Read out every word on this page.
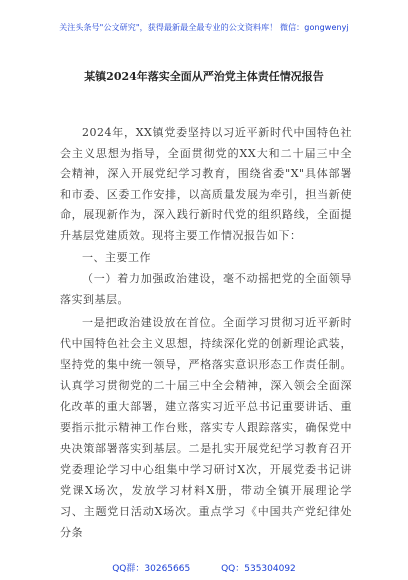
关注头条号"公文研究"，获得最新最全最专业的公文资料库！ 微信：gongwenyj
某镇2024年落实全面从严治党主体责任情况报告
2024年，XX镇党委坚持以习近平新时代中国特色社会主义思想为指导，全面贯彻党的XX大和二十届三中全会精神，深入开展党纪学习教育，围绕省委"X"具体部署和市委、区委工作安排，以高质量发展为牵引，担当新使命，展现新作为，深入践行新时代党的组织路线，全面提升基层党建质效。现将主要工作情况报告如下：
一、主要工作
（一）着力加强政治建设，毫不动摇把党的全面领导落实到基层。
一是把政治建设放在首位。全面学习贯彻习近平新时代中国特色社会主义思想，持续深化党的创新理论武装，坚持党的集中统一领导，严格落实意识形态工作责任制。认真学习贯彻党的二十届三中全会精神，深入领会全面深化改革的重大部署，建立落实习近平总书记重要讲话、重要指示批示精神工作台账，落实专人跟踪落实，确保党中央决策部署落实到基层。二是扎实开展党纪学习教育召开党委理论学习中心组集中学习研讨X次，开展党委书记讲党课X场次，发放学习材料X册，带动全镇开展理论学习、主题党日活动X场次。重点学习《中国共产党纪律处分条
QQ群：30265665	QQ：535304092
